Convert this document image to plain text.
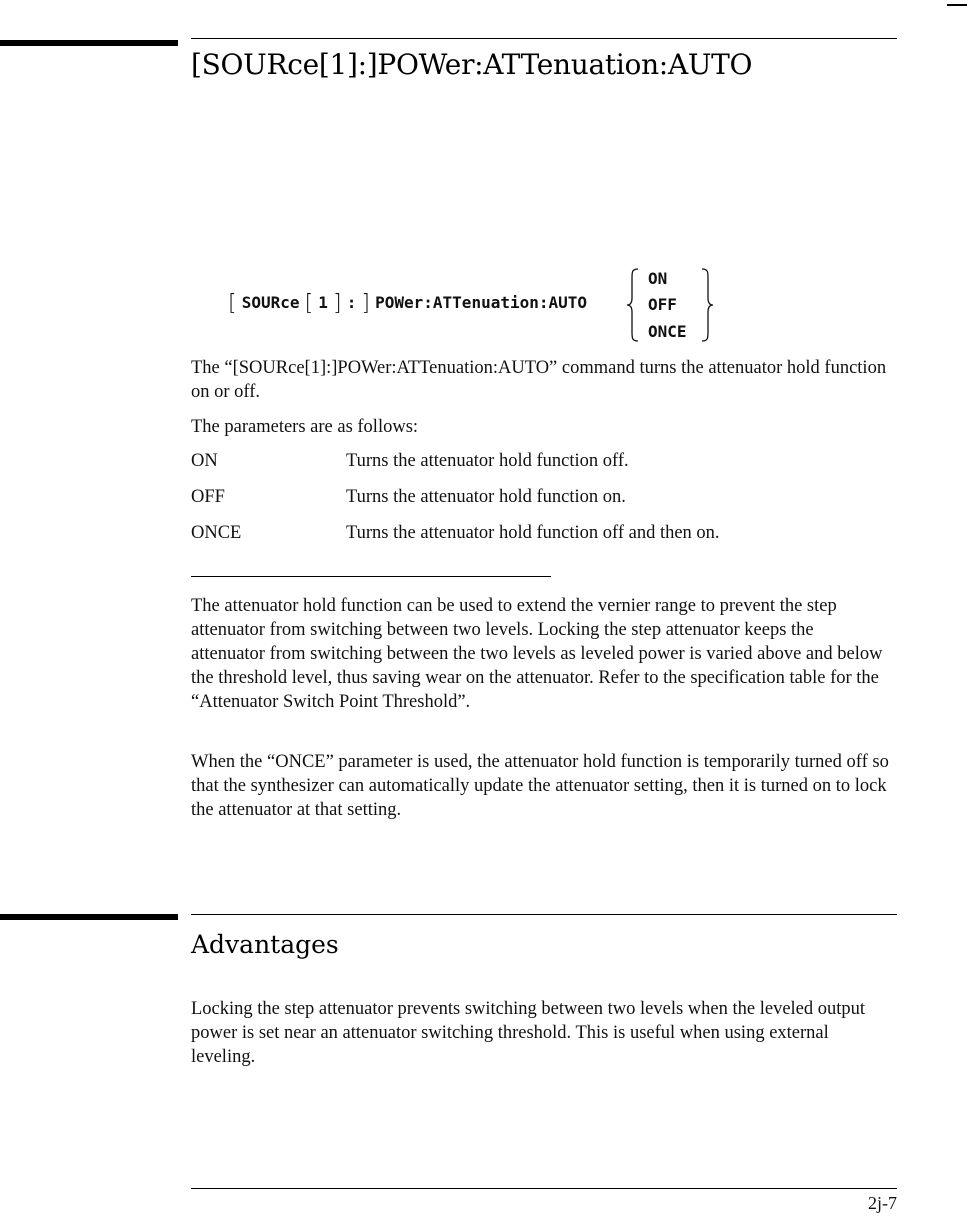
[SOURce[1]:]POWer:ATTenuation:AUTO
[ SOURce [ 1 ] : ] POWer:ATTenuation:AUTO
ON
OFF
ONCE

The “[SOURce[1]:]POWer:ATTenuation:AUTO” command turns the attenuator hold function on or off.

The parameters are as follows:

ON	Turns the attenuator hold function off.
OFF	Turns the attenuator hold function on.
ONCE	Turns the attenuator hold function off and then on.

The attenuator hold function can be used to extend the vernier range to prevent the step attenuator from switching between two levels. Locking the step attenuator keeps the attenuator from switching between the two levels as leveled power is varied above and below the threshold level, thus saving wear on the attenuator. Refer to the specification table for the “Attenuator Switch Point Threshold”.

When the “ONCE” parameter is used, the attenuator hold function is temporarily turned off so that the synthesizer can automatically update the attenuator setting, then it is turned on to lock the attenuator at that setting.

Advantages

Locking the step attenuator prevents switching between two levels when the leveled output power is set near an attenuator switching threshold. This is useful when using external leveling.

2j-7
